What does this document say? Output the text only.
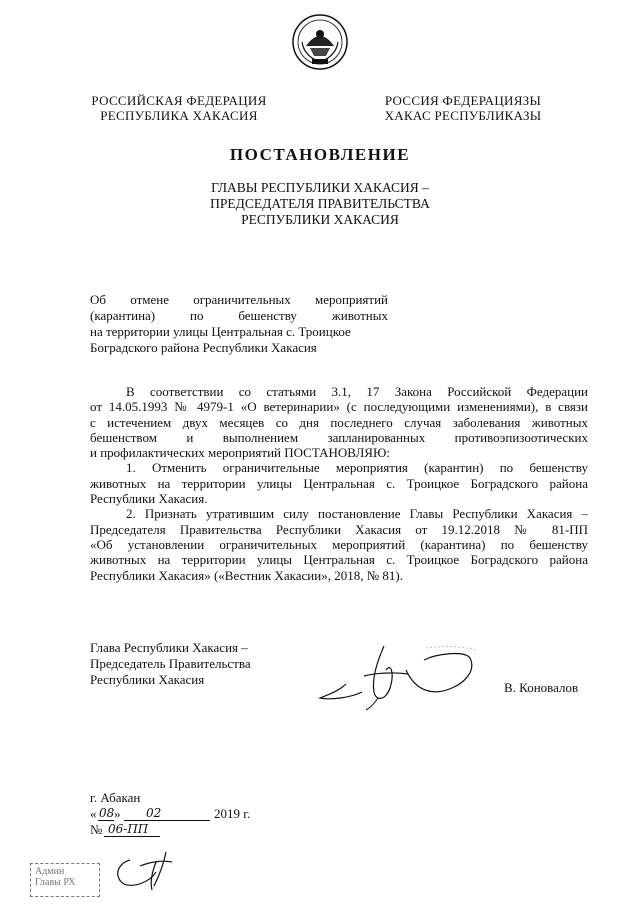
РОССИЙСКАЯ ФЕДЕРАЦИЯ
РЕСПУБЛИКА ХАКАСИЯ
РОССИЯ ФЕДЕРАЦИЯЗЫ
ХАКАС РЕСПУБЛИКАЗЫ
ПОСТАНОВЛЕНИЕ
ГЛАВЫ РЕСПУБЛИКИ ХАКАСИЯ –
ПРЕДСЕДАТЕЛЯ ПРАВИТЕЛЬСТВА
РЕСПУБЛИКИ ХАКАСИЯ
Об отмене ограничительных мероприятий
(карантина) по бешенству животных
на территории улицы Центральная с. Троицкое
Боградского района Республики Хакасия
В соответствии со статьями 3.1, 17 Закона Российской Федерации
от 14.05.1993 № 4979-1 «О ветеринарии» (с последующими изменениями), в связи
с истечением двух месяцев со дня последнего случая заболевания животных
бешенством и выполнением запланированных противоэпизоотических
и профилактических мероприятий ПОСТАНОВЛЯЮ:
1. Отменить ограничительные мероприятия (карантин) по бешенству
животных на территории улицы Центральная с. Троицкое Боградского района
Республики Хакасия.
2. Признать утратившим силу постановление Главы Республики Хакасия –
Председателя Правительства Республики Хакасия от 19.12.2018 № 81-ПП
«Об установлении ограничительных мероприятий (карантина) по бешенству
животных на территории улицы Центральная с. Троицкое Боградского района
Республики Хакасия» («Вестник Хакасии», 2018, № 81).
Глава Республики Хакасия –
Председатель Правительства
Республики Хакасия
В. Коновалов
г. Абакан
« 08 » 02	2019 г.
№ 06-ПП
Админ
Главы РХ
